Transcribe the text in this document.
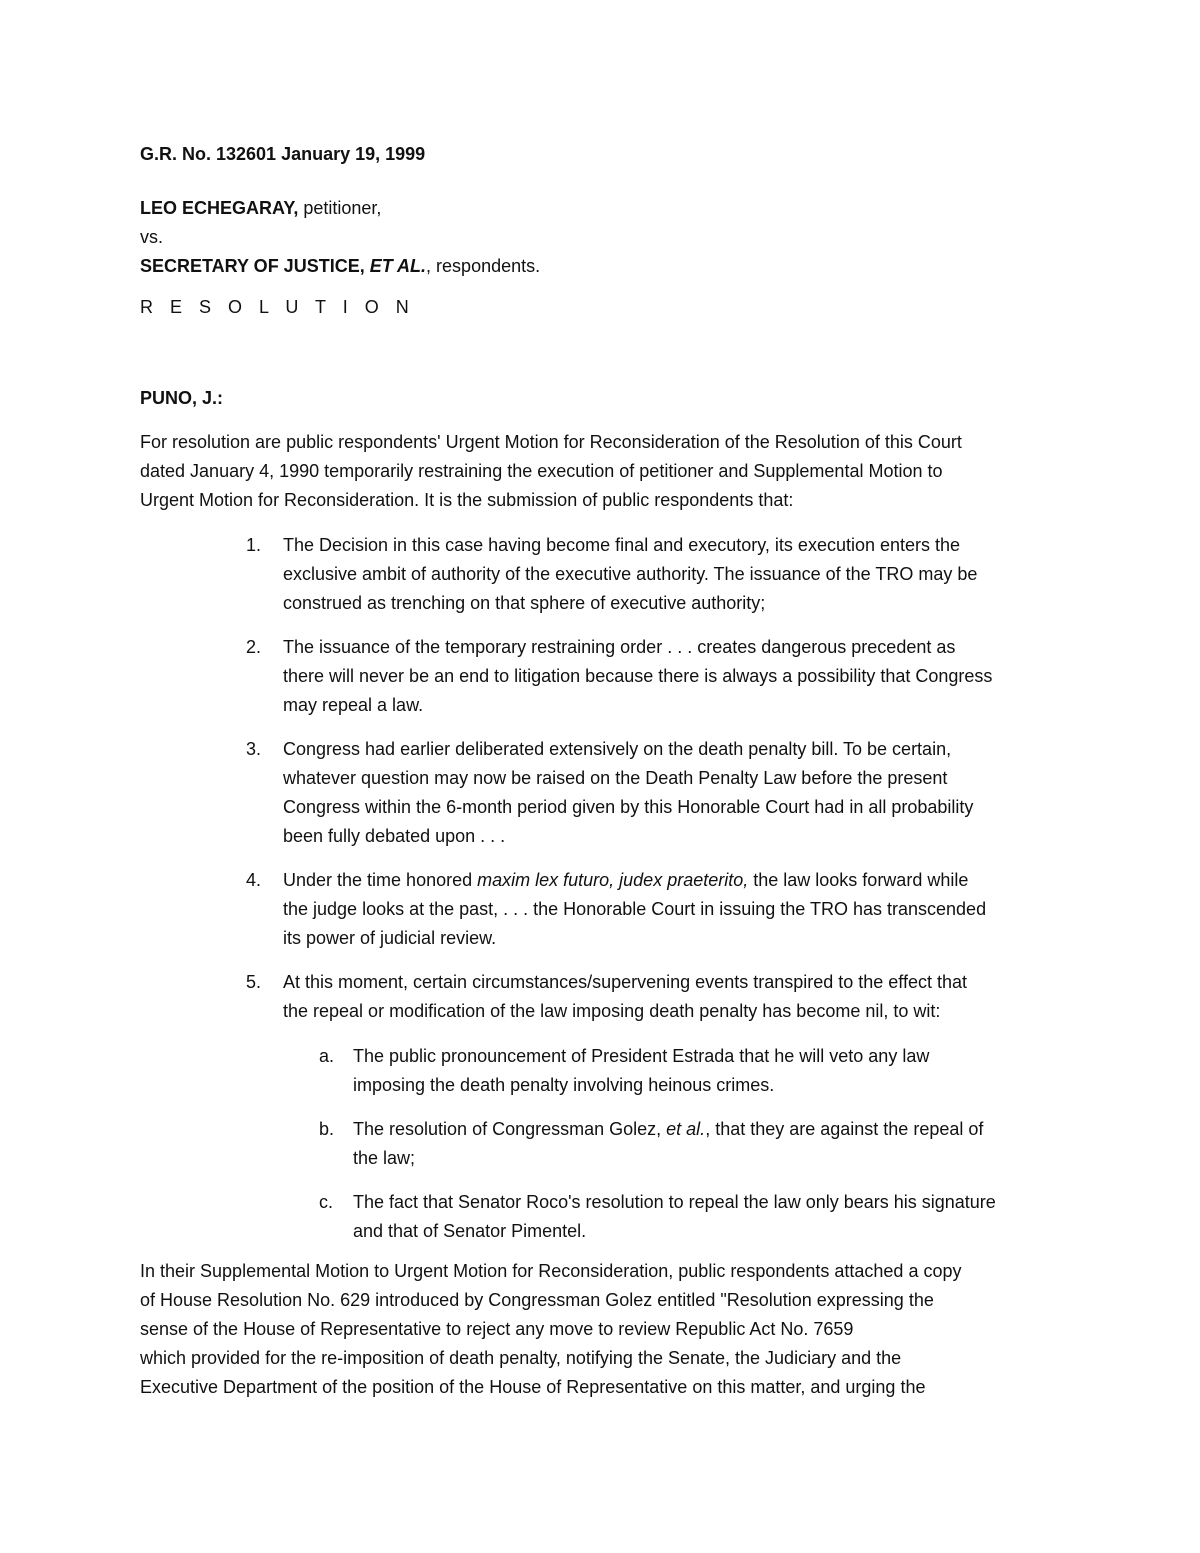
G.R. No. 132601 January 19, 1999
LEO ECHEGARAY, petitioner,
vs.
SECRETARY OF JUSTICE, ET AL., respondents.
R E S O L U T I O N
PUNO, J.:
For resolution are public respondents' Urgent Motion for Reconsideration of the Resolution of this Court
dated January 4, 1990 temporarily restraining the execution of petitioner and Supplemental Motion to
Urgent Motion for Reconsideration. It is the submission of public respondents that:
1.	The Decision in this case having become final and executory, its execution enters the
exclusive ambit of authority of the executive authority. The issuance of the TRO may be
construed as trenching on that sphere of executive authority;
2.	The issuance of the temporary restraining order . . . creates dangerous precedent as
there will never be an end to litigation because there is always a possibility that Congress
may repeal a law.
3.	Congress had earlier deliberated extensively on the death penalty bill. To be certain,
whatever question may now be raised on the Death Penalty Law before the present
Congress within the 6-month period given by this Honorable Court had in all probability
been fully debated upon . . .
4.	Under the time honored maxim lex futuro, judex praeterito, the law looks forward while
the judge looks at the past, . . . the Honorable Court in issuing the TRO has transcended
its power of judicial review.
5.	At this moment, certain circumstances/supervening events transpired to the effect that
the repeal or modification of the law imposing death penalty has become nil, to wit:
a.	The public pronouncement of President Estrada that he will veto any law
imposing the death penalty involving heinous crimes.
b.	The resolution of Congressman Golez, et al., that they are against the repeal of
the law;
c.	The fact that Senator Roco's resolution to repeal the law only bears his signature
and that of Senator Pimentel.
In their Supplemental Motion to Urgent Motion for Reconsideration, public respondents attached a copy
of House Resolution No. 629 introduced by Congressman Golez entitled "Resolution expressing the
sense of the House of Representative to reject any move to review Republic Act No. 7659
which provided for the re-imposition of death penalty, notifying the Senate, the Judiciary and the
Executive Department of the position of the House of Representative on this matter, and urging the
